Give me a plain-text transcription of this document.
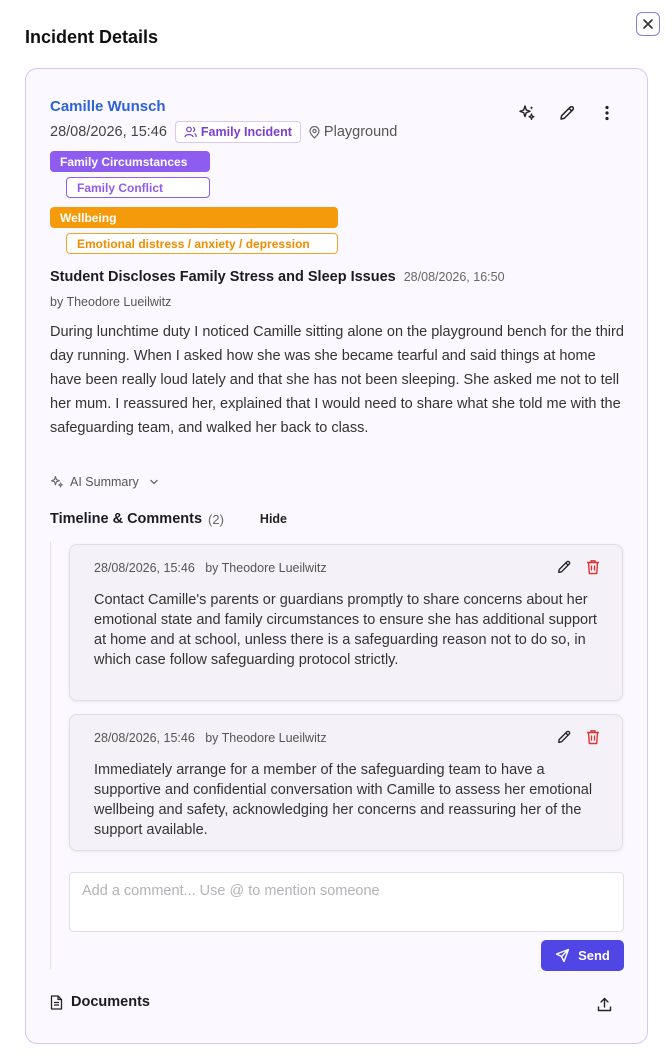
Incident Details
Camille Wunsch
28/08/2026, 15:46	Family Incident Playground
Family Circumstances
Family Conflict
Wellbeing
Emotional distress / anxiety / depression
Student Discloses Family Stress and Sleep Issues 28/08/2026, 16:50
by Theodore Lueilwitz
During lunchtime duty I noticed Camille sitting alone on the playground bench for the third day running. When I asked how she was she became tearful and said things at home have been really loud lately and that she has not been sleeping. She asked me not to tell her mum. I reassured her, explained that I would need to share what she told me with the safeguarding team, and walked her back to class.
AI Summary
Timeline & Comments (2)	Hide
28/08/2026, 15:46 by Theodore Lueilwitz
Contact Camille's parents or guardians promptly to share concerns about her emotional state and family circumstances to ensure she has additional support at home and at school, unless there is a safeguarding reason not to do so, in which case follow safeguarding protocol strictly.
28/08/2026, 15:46 by Theodore Lueilwitz
Immediately arrange for a member of the safeguarding team to have a supportive and confidential conversation with Camille to assess her emotional wellbeing and safety, acknowledging her concerns and reassuring her of the support available.
Add a comment... Use @ to mention someone
Send
Documents
